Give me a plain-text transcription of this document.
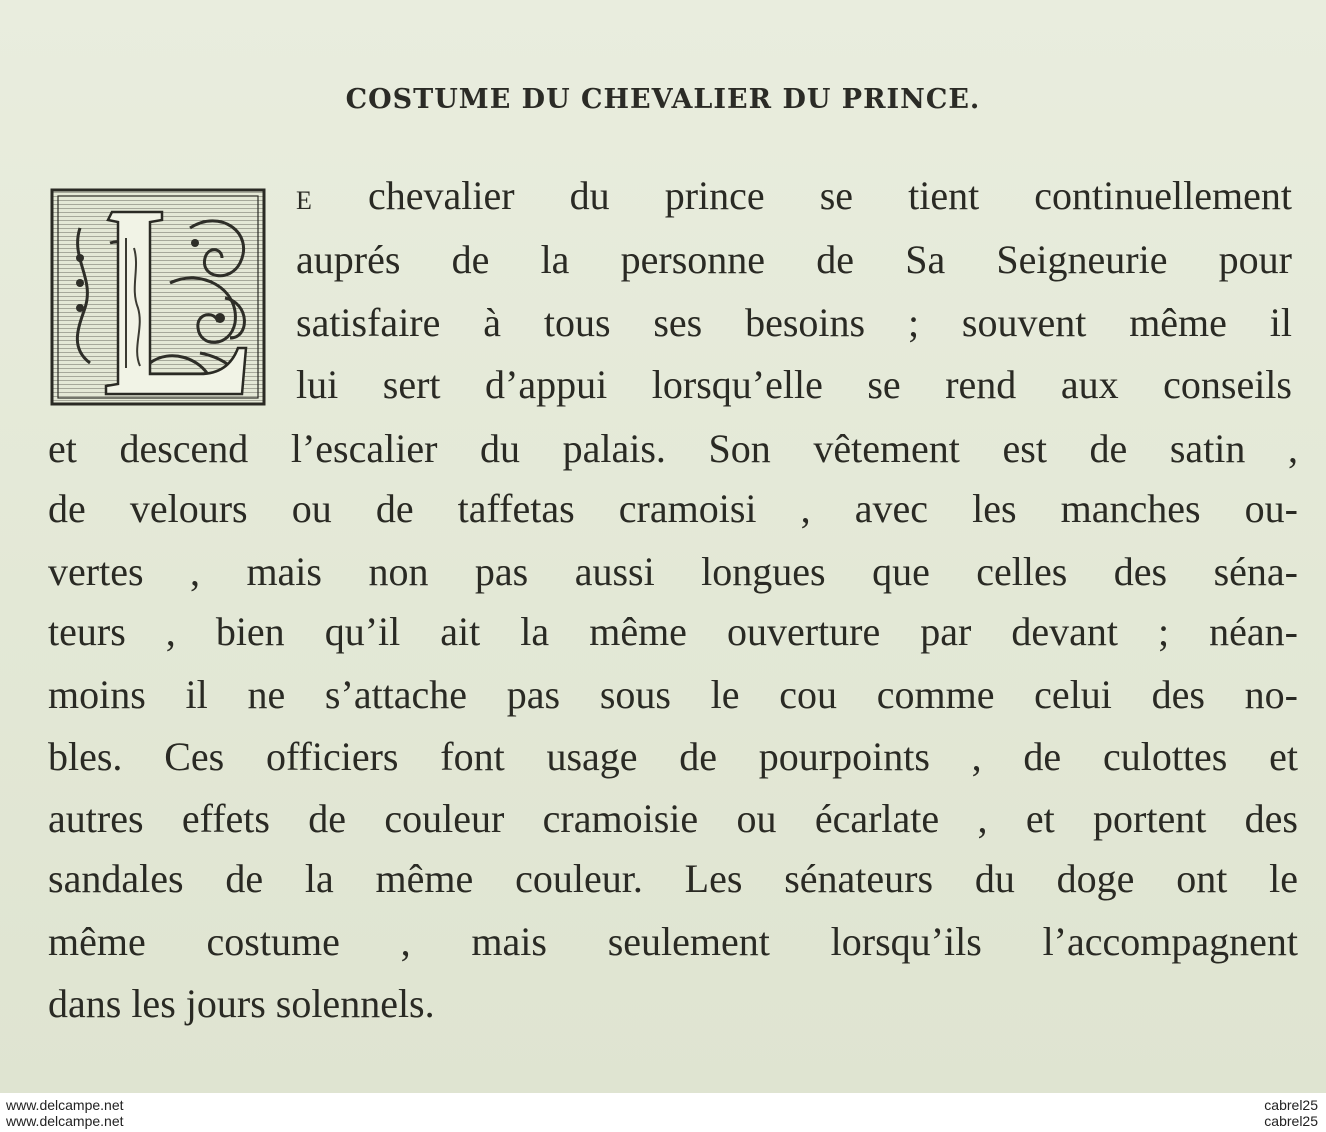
COSTUME DU CHEVALIER DU PRINCE.
E chevalier du prince se tient continuellement
auprés de la personne de Sa Seigneurie pour
satisfaire à tous ses besoins ; souvent même il
lui sert d’appui lorsqu’elle se rend aux conseils
et descend l’escalier du palais. Son vêtement est de satin ,
de velours ou de taffetas cramoisi , avec les manches ou-
vertes , mais non pas aussi longues que celles des séna-
teurs , bien qu’il ait la même ouverture par devant ; néan-
moins il ne s’attache pas sous le cou comme celui des no-
bles. Ces officiers font usage de pourpoints , de culottes et
autres effets de couleur cramoisie ou écarlate , et portent des
sandales de la même couleur. Les sénateurs du doge ont le
même costume , mais seulement lorsqu’ils l’accompagnent
dans les jours solennels.
www.delcampe.net
www.delcampe.net
cabrel25
cabrel25
